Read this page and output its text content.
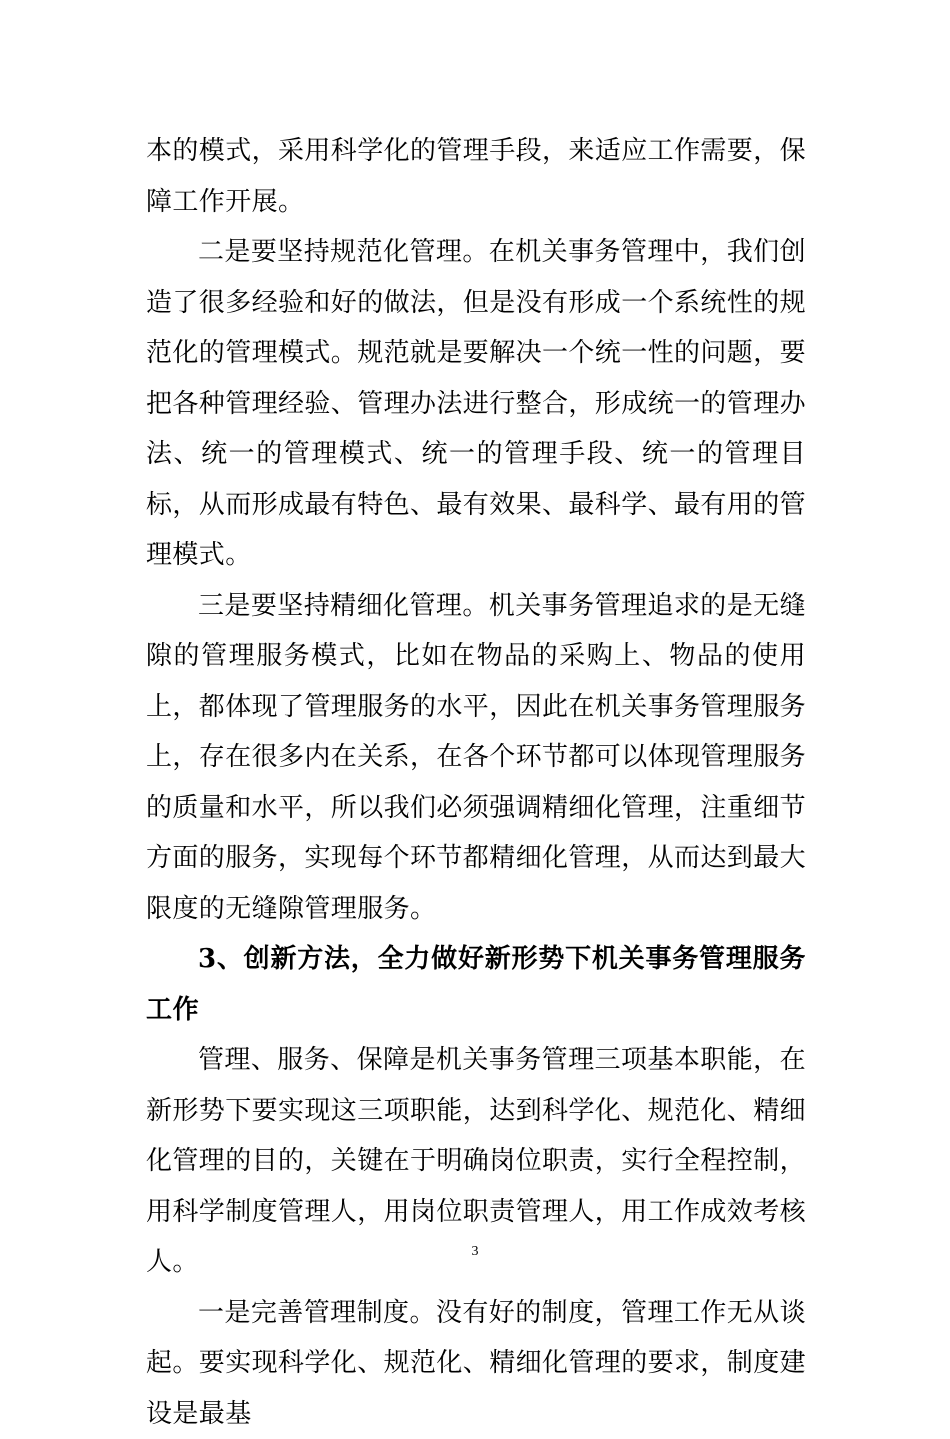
本的模式，采用科学化的管理手段，来适应工作需要，保障工作开展。

二是要坚持规范化管理。在机关事务管理中，我们创造了很多经验和好的做法，但是没有形成一个系统性的规范化的管理模式。规范就是要解决一个统一性的问题，要把各种管理经验、管理办法进行整合，形成统一的管理办法、统一的管理模式、统一的管理手段、统一的管理目标，从而形成最有特色、最有效果、最科学、最有用的管理模式。

三是要坚持精细化管理。机关事务管理追求的是无缝隙的管理服务模式，比如在物品的采购上、物品的使用上，都体现了管理服务的水平，因此在机关事务管理服务上，存在很多内在关系，在各个环节都可以体现管理服务的质量和水平，所以我们必须强调精细化管理，注重细节方面的服务，实现每个环节都精细化管理，从而达到最大限度的无缝隙管理服务。

3、创新方法，全力做好新形势下机关事务管理服务工作

管理、服务、保障是机关事务管理三项基本职能，在新形势下要实现这三项职能，达到科学化、规范化、精细化管理的目的，关键在于明确岗位职责，实行全程控制，用科学制度管理人，用岗位职责管理人，用工作成效考核人。

一是完善管理制度。没有好的制度，管理工作无从谈起。要实现科学化、规范化、精细化管理的要求，制度建设是最基

3
